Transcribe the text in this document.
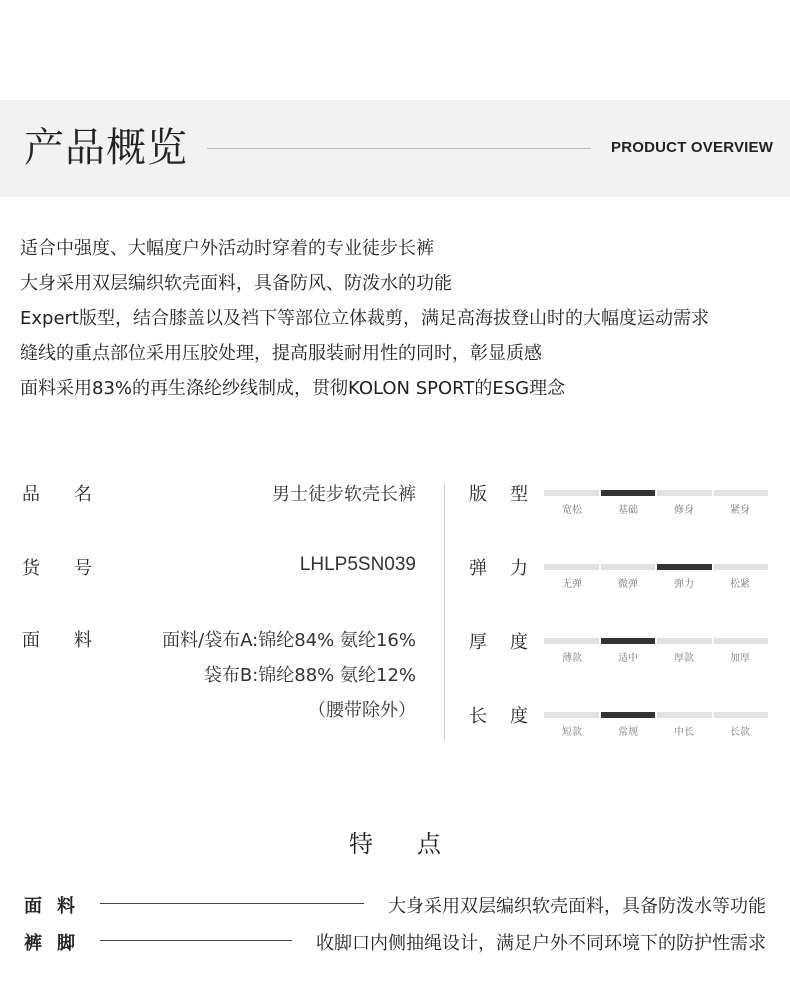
产品概览	PRODUCT OVERVIEW
适合中强度、大幅度户外活动时穿着的专业徒步长裤
大身采用双层编织软壳面料，具备防风、防泼水的功能
Expert版型，结合膝盖以及裆下等部位立体裁剪，满足高海拔登山时的大幅度运动需求
缝线的重点部位采用压胶处理，提高服装耐用性的同时，彰显质感
面料采用83%的再生涤纶纱线制成，贯彻KOLON SPORT的ESG理念
品 名	男士徒步软壳长裤
货 号	LHLP5SN039
面 料	面料/袋布A:锦纶84% 氨纶16%
袋布B:锦纶88% 氨纶12%
（腰带除外）
版 型
宽松	基础	修身	紧身
弹 力
无弹	微弹	弹力	松紧
厚 度
薄款	适中	厚款	加厚
长 度
短款	常规	中长	长款
特点
面 料	大身采用双层编织软壳面料，具备防泼水等功能
裤 脚	收脚口内侧抽绳设计，满足户外不同环境下的防护性需求
